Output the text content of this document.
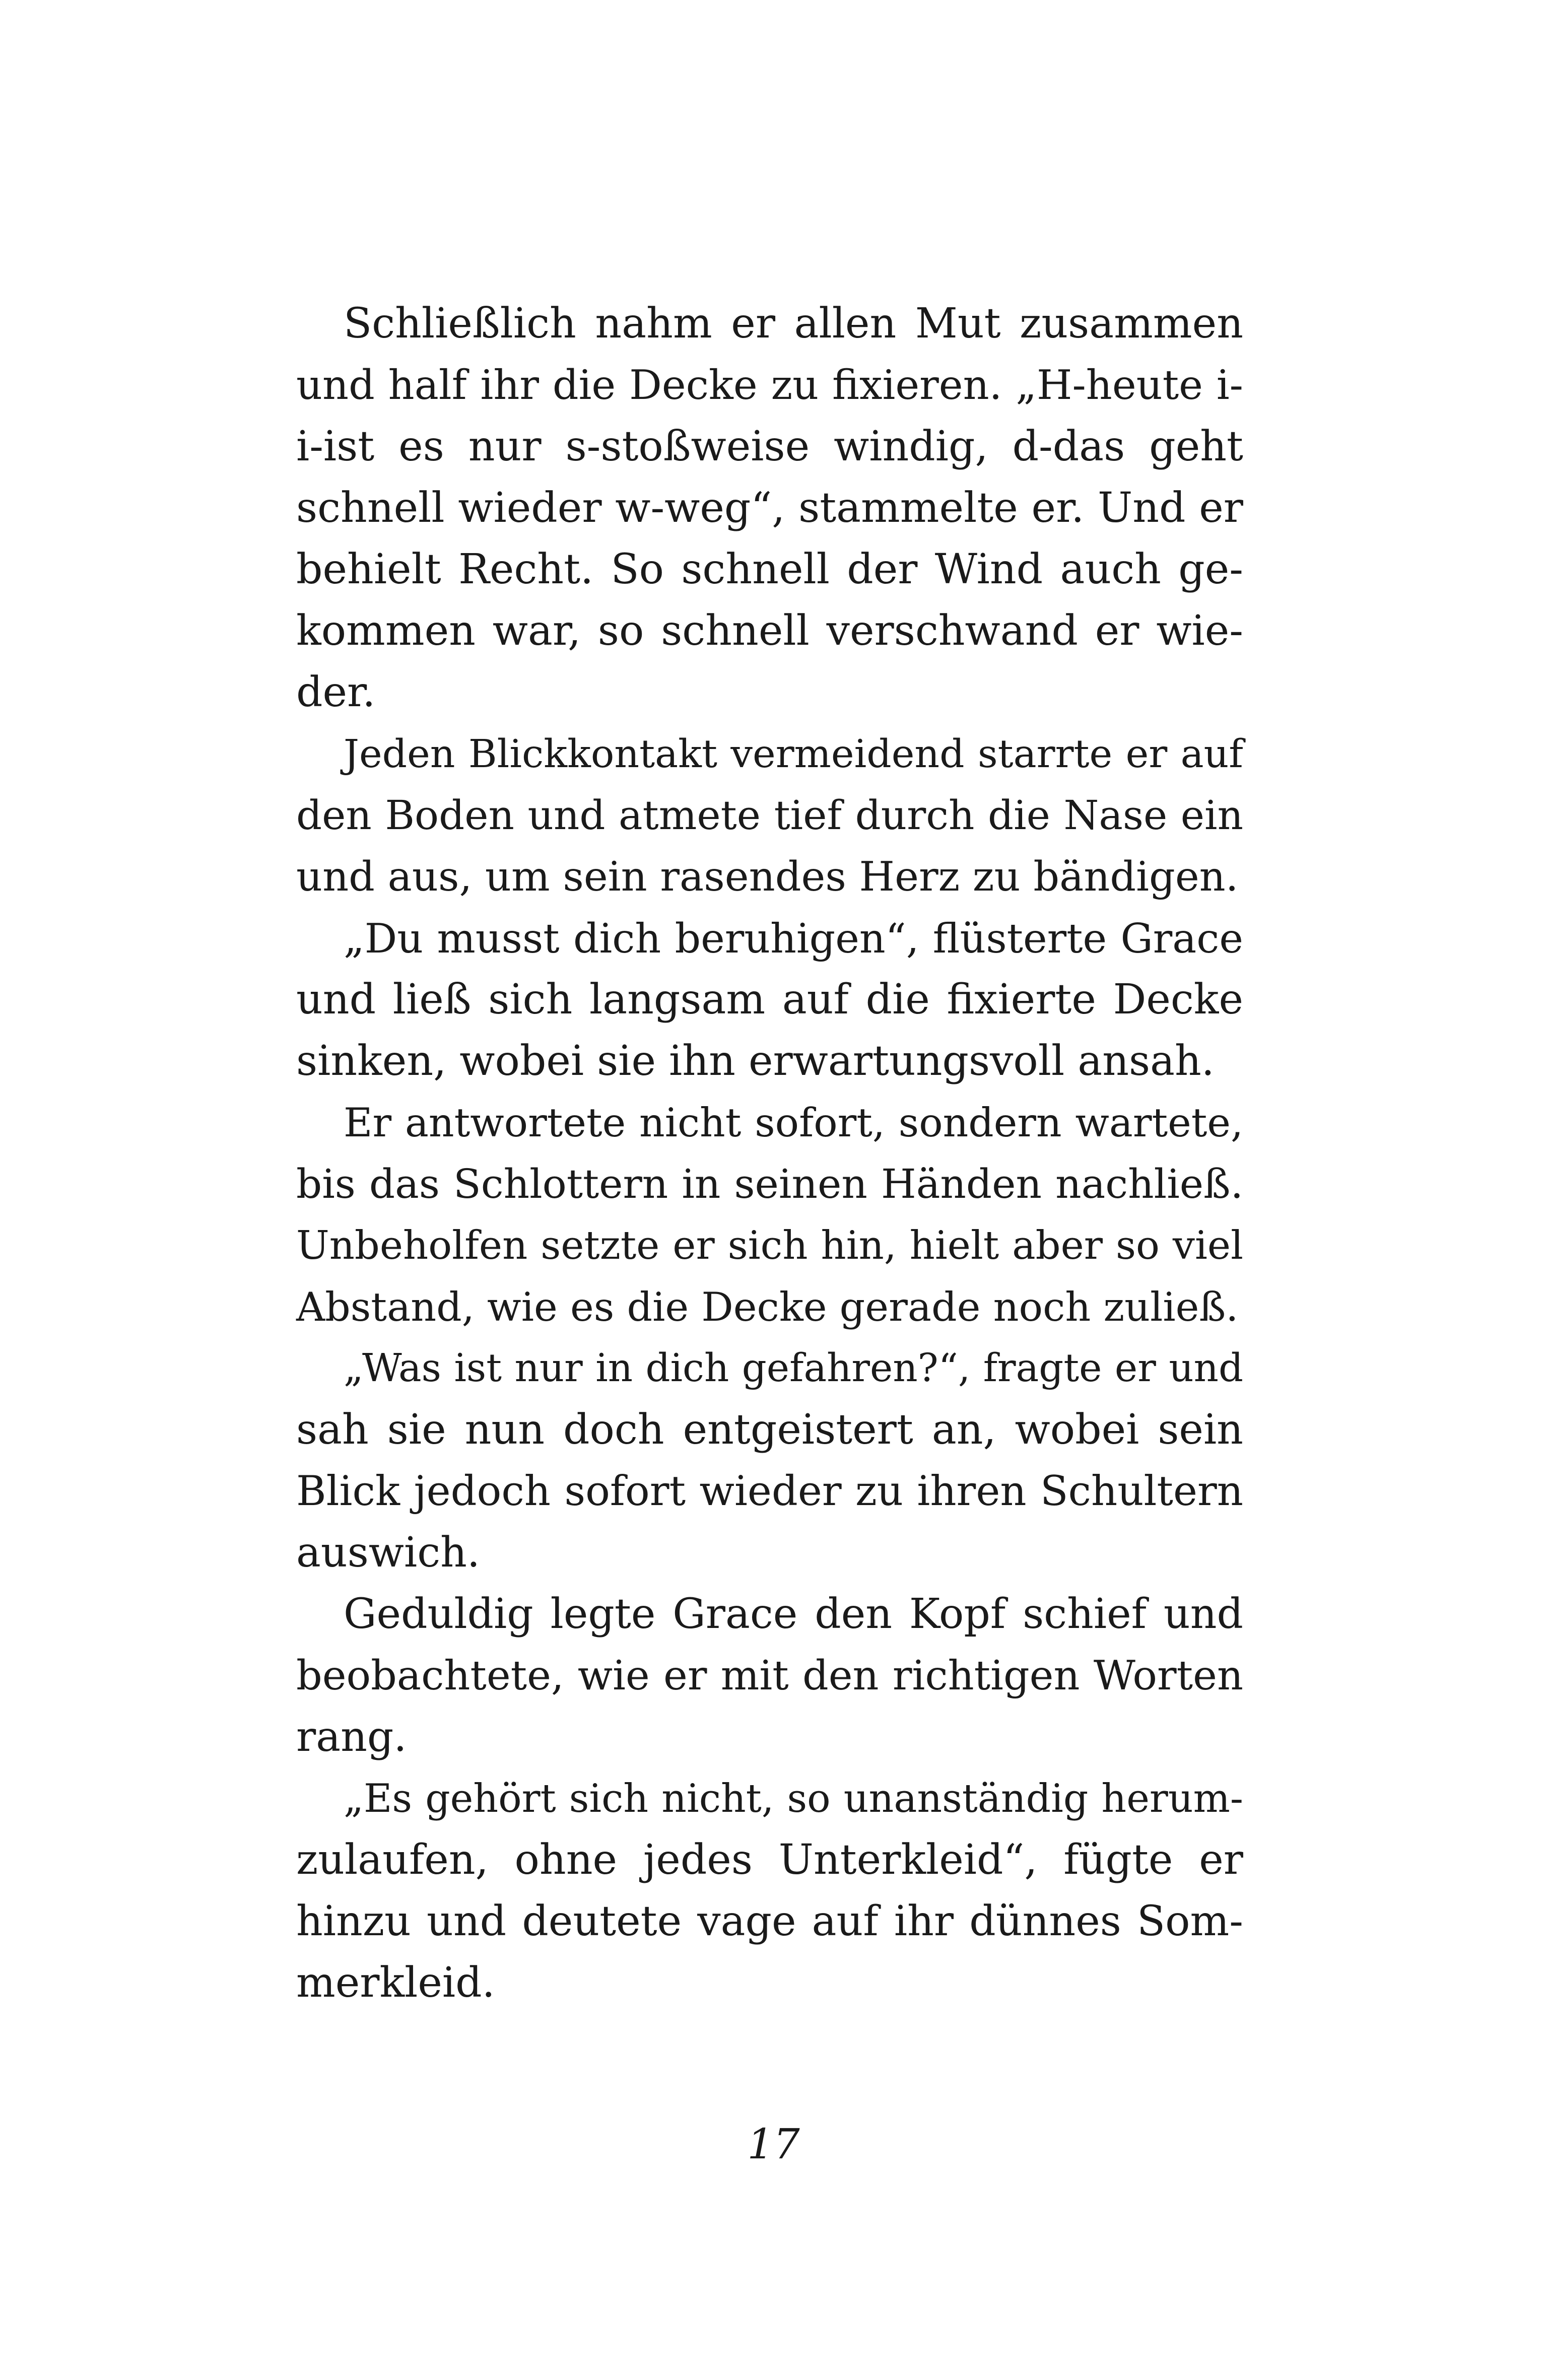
Schließlich nahm er allen Mut zusammen
und half ihr die Decke zu fixieren. „H-heute i-
i-ist es nur s-stoßweise windig, d-das geht
schnell wieder w-weg“, stammelte er. Und er
behielt Recht. So schnell der Wind auch ge-
kommen war, so schnell verschwand er wie-
der.
Jeden Blickkontakt vermeidend starrte er auf
den Boden und atmete tief durch die Nase ein
und aus, um sein rasendes Herz zu bändigen.
„Du musst dich beruhigen“, flüsterte Grace
und ließ sich langsam auf die fixierte Decke
sinken, wobei sie ihn erwartungsvoll ansah.
Er antwortete nicht sofort, sondern wartete,
bis das Schlottern in seinen Händen nachließ.
Unbeholfen setzte er sich hin, hielt aber so viel
Abstand, wie es die Decke gerade noch zuließ.
„Was ist nur in dich gefahren?“, fragte er und
sah sie nun doch entgeistert an, wobei sein
Blick jedoch sofort wieder zu ihren Schultern
auswich.
Geduldig legte Grace den Kopf schief und
beobachtete, wie er mit den richtigen Worten
rang.
„Es gehört sich nicht, so unanständig herum-
zulaufen, ohne jedes Unterkleid“, fügte er
hinzu und deutete vage auf ihr dünnes Som-
merkleid.
17
